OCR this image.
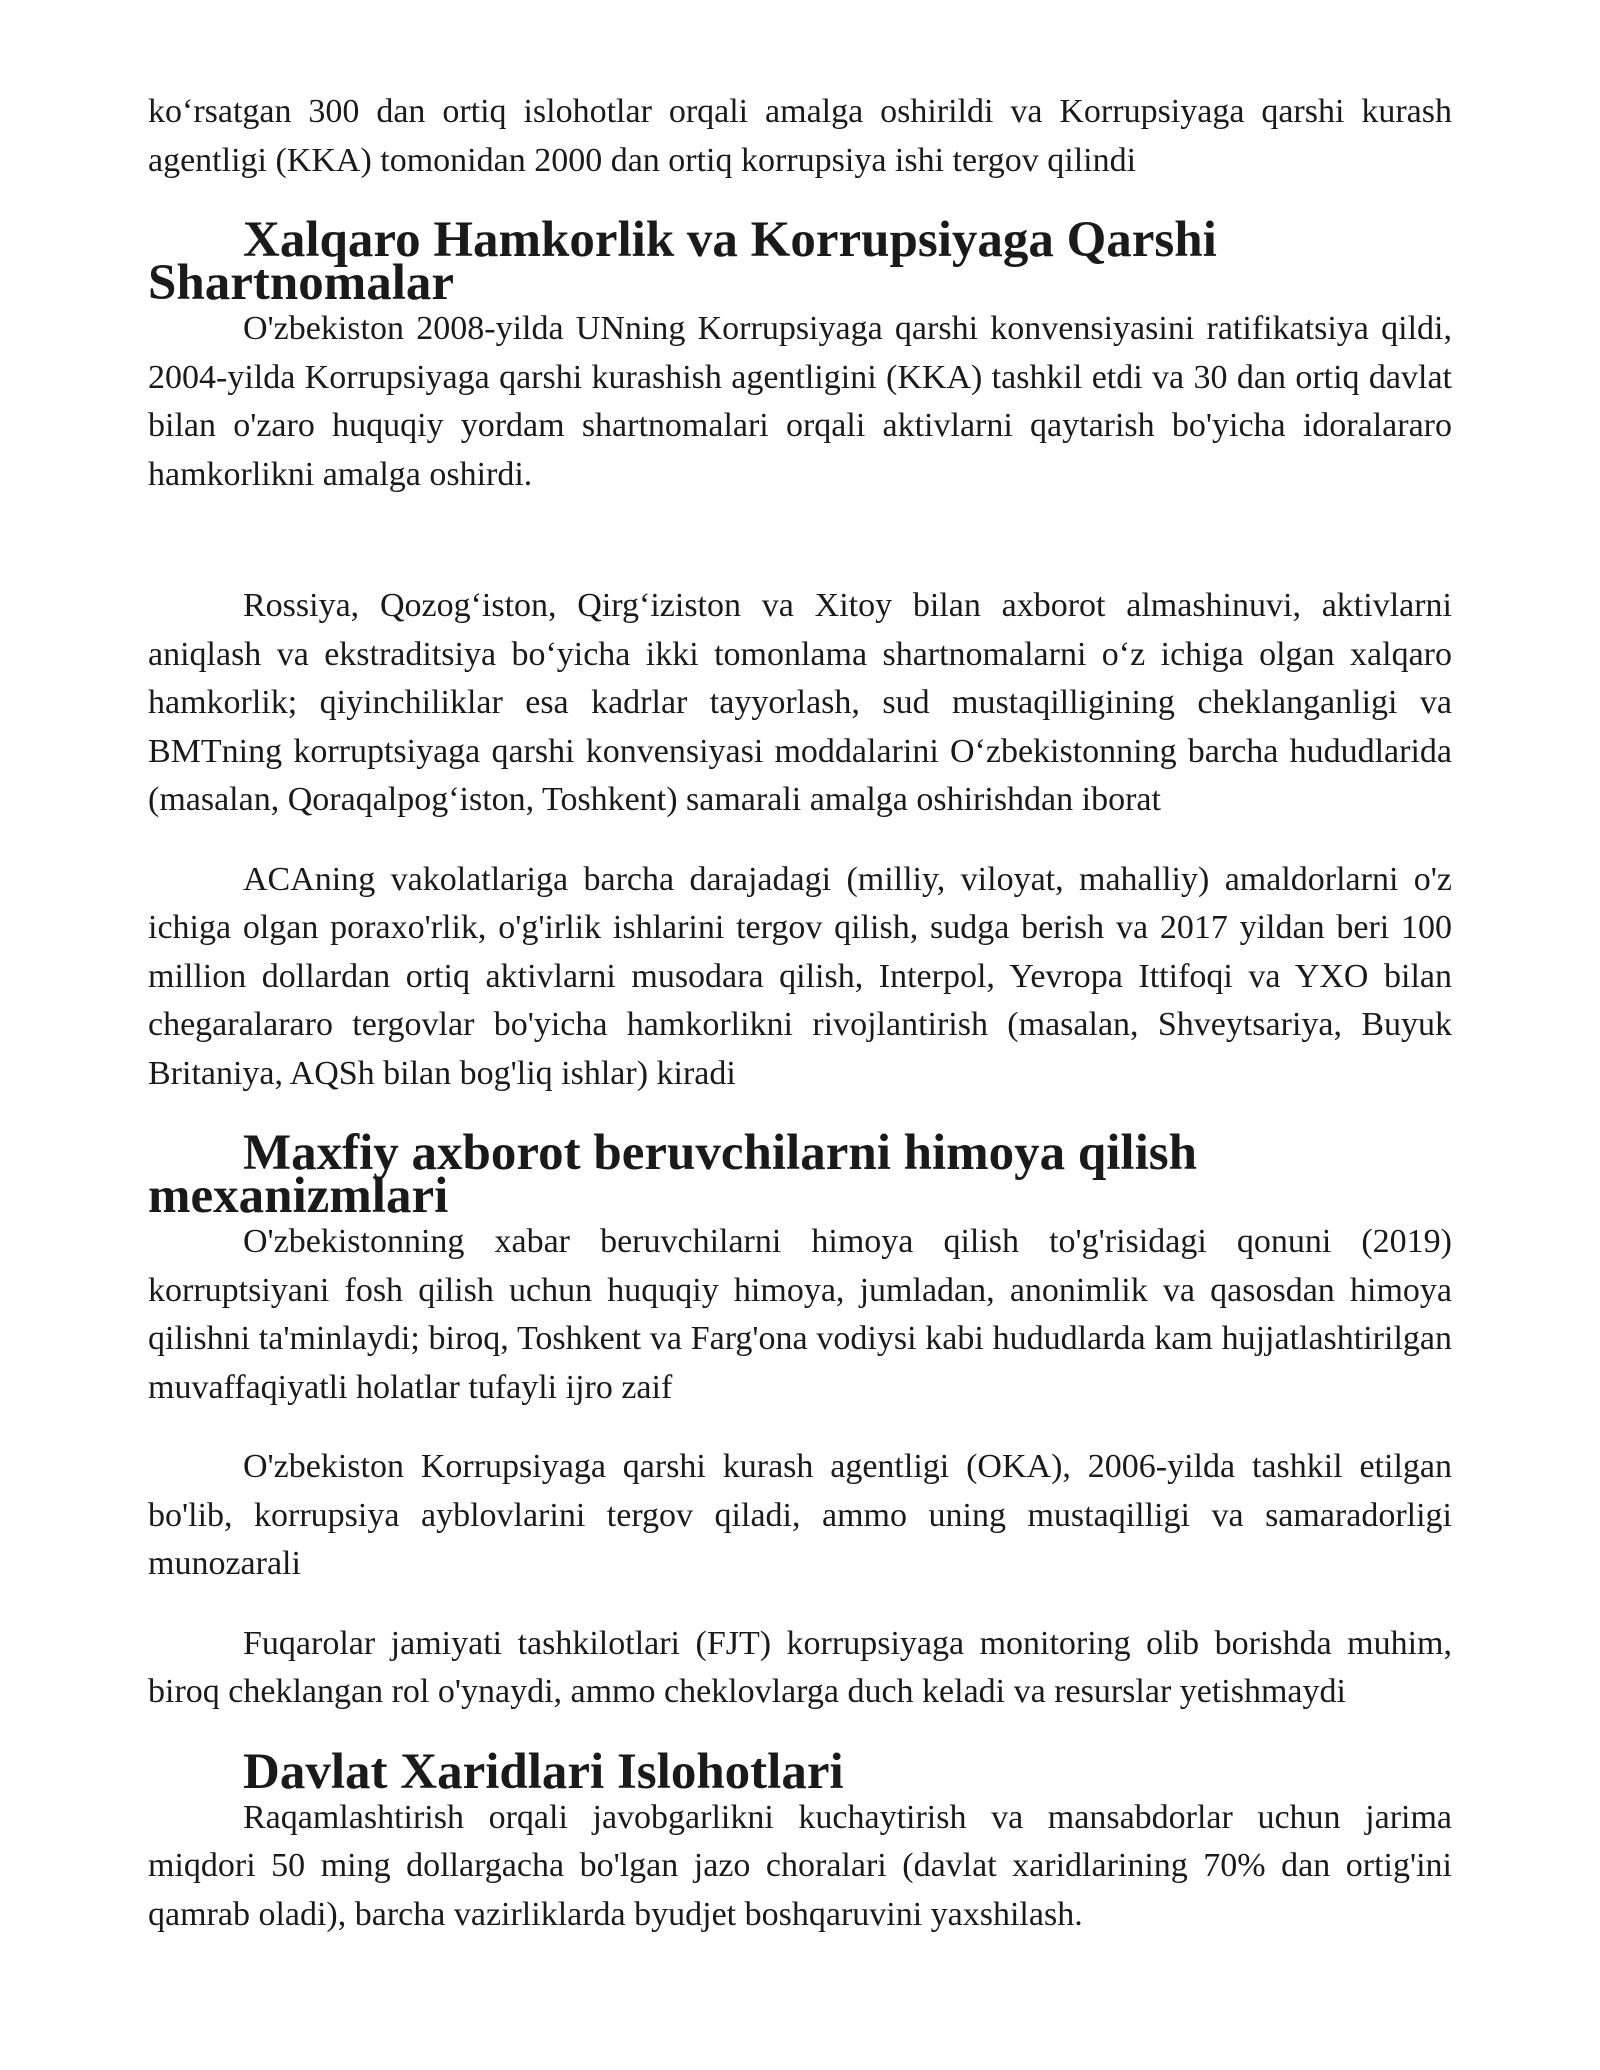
koʻrsatgan 300 dan ortiq islohotlar orqali amalga oshirildi va Korrupsiyaga qarshi kurash agentligi (KKA) tomonidan 2000 dan ortiq korrupsiya ishi tergov qilindi

Xalqaro Hamkorlik va Korrupsiyaga Qarshi Shartnomalar

O'zbekiston 2008-yilda UNning Korrupsiyaga qarshi konvensiyasini ratifikatsiya qildi, 2004-yilda Korrupsiyaga qarshi kurashish agentligini (KKA) tashkil etdi va 30 dan ortiq davlat bilan o'zaro huquqiy yordam shartnomalari orqali aktivlarni qaytarish bo'yicha idoralararo hamkorlikni amalga oshirdi.

Rossiya, Qozogʻiston, Qirgʻiziston va Xitoy bilan axborot almashinuvi, aktivlarni aniqlash va ekstraditsiya boʻyicha ikki tomonlama shartnomalarni oʻz ichiga olgan xalqaro hamkorlik; qiyinchiliklar esa kadrlar tayyorlash, sud mustaqilligining cheklanganligi va BMTning korruptsiyaga qarshi konvensiyasi moddalarini Oʻzbekistonning barcha hududlarida (masalan, Qoraqalpogʻiston, Toshkent) samarali amalga oshirishdan iborat

ACAning vakolatlariga barcha darajadagi (milliy, viloyat, mahalliy) amaldorlarni o'z ichiga olgan poraxo'rlik, o'g'irlik ishlarini tergov qilish, sudga berish va 2017 yildan beri 100 million dollardan ortiq aktivlarni musodara qilish, Interpol, Yevropa Ittifoqi va YXO bilan chegaralararo tergovlar bo'yicha hamkorlikni rivojlantirish (masalan, Shveytsariya, Buyuk Britaniya, AQSh bilan bog'liq ishlar) kiradi

Maxfiy axborot beruvchilarni himoya qilish mexanizmlari

O'zbekistonning xabar beruvchilarni himoya qilish to'g'risidagi qonuni (2019) korruptsiyani fosh qilish uchun huquqiy himoya, jumladan, anonimlik va qasosdan himoya qilishni ta'minlaydi; biroq, Toshkent va Farg'ona vodiysi kabi hududlarda kam hujjatlashtirilgan muvaffaqiyatli holatlar tufayli ijro zaif

O'zbekiston Korrupsiyaga qarshi kurash agentligi (OKA), 2006-yilda tashkil etilgan bo'lib, korrupsiya ayblovlarini tergov qiladi, ammo uning mustaqilligi va samaradorligi munozarali

Fuqarolar jamiyati tashkilotlari (FJT) korrupsiyaga monitoring olib borishda muhim, biroq cheklangan rol o'ynaydi, ammo cheklovlarga duch keladi va resurslar yetishmaydi

Davlat Xaridlari Islohotlari

Raqamlashtirish orqali javobgarlikni kuchaytirish va mansabdorlar uchun jarima miqdori 50 ming dollargacha bo'lgan jazo choralari (davlat xaridlarining 70% dan ortig'ini qamrab oladi), barcha vazirliklarda byudjet boshqaruvini yaxshilash.
